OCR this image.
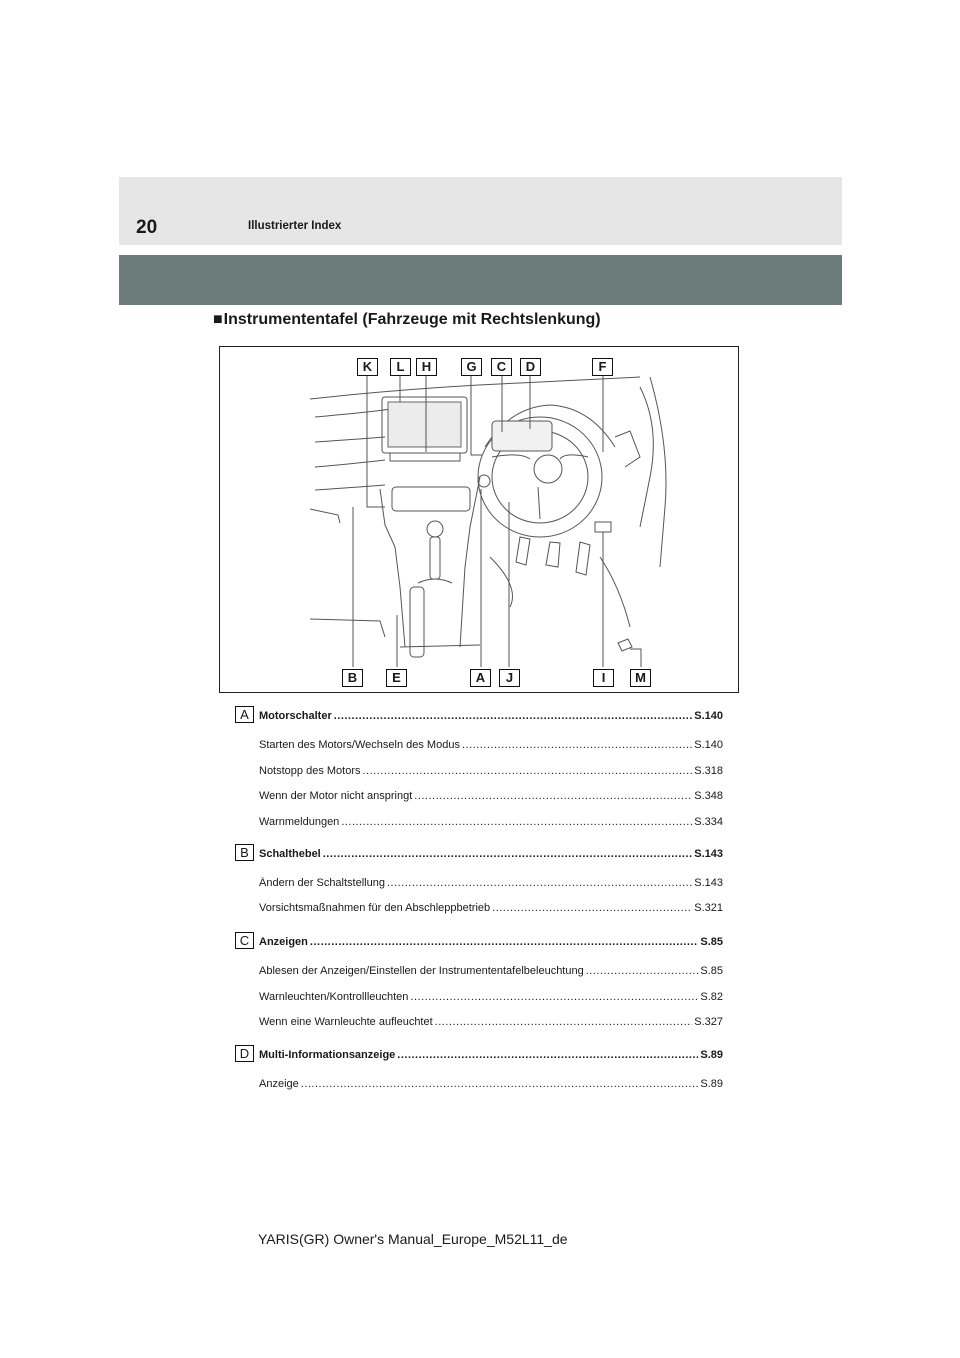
20	Illustrierter Index
■Instrumententafel (Fahrzeuge mit Rechtslenkung)
K	L	H	G	C	D	F
B	E	A	J	I	M
A Motorschalter .....	S.140
Starten des Motors/Wechseln des Modus .....	S.140
Notstopp des Motors .....	S.318
Wenn der Motor nicht anspringt .....	S.348
Warnmeldungen .....	S.334
B Schalthebel .....	S.143
Ändern der Schaltstellung .....	S.143
Vorsichtsmaßnahmen für den Abschleppbetrieb .....	S.321
C Anzeigen .....	S.85
Ablesen der Anzeigen/Einstellen der Instrumententafelbeleuchtung .....	S.85
Warnleuchten/Kontrollleuchten .....	S.82
Wenn eine Warnleuchte aufleuchtet .....	S.327
D Multi-Informationsanzeige .....	S.89
Anzeige .....	S.89
YARIS(GR) Owner's Manual_Europe_M52L11_de
